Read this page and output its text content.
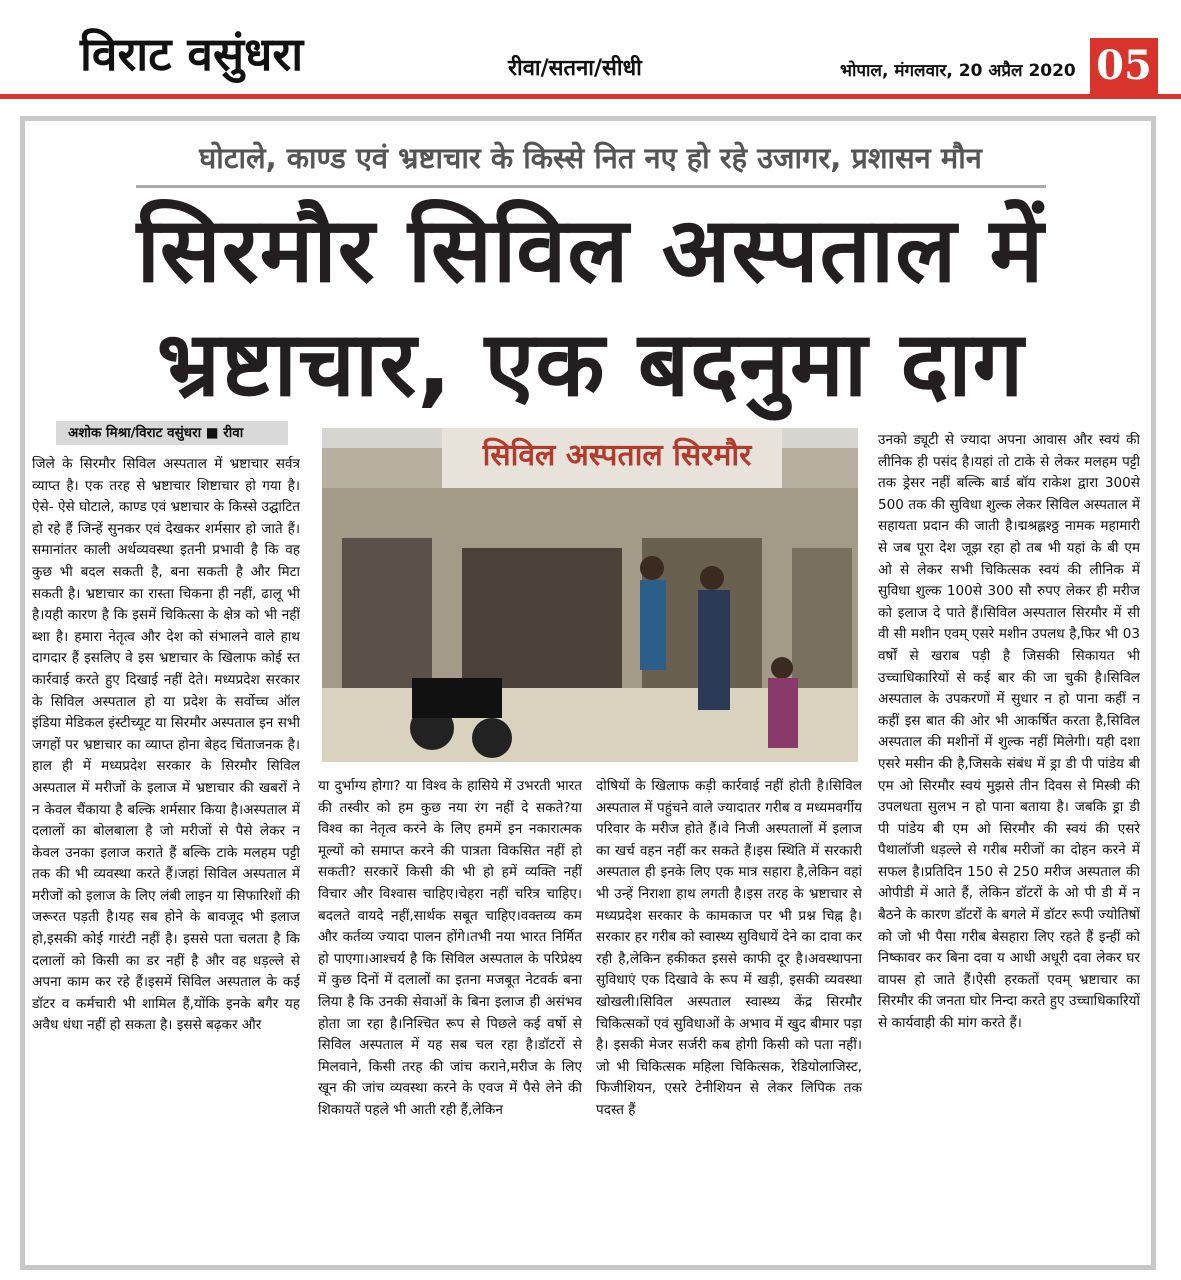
विराट वसुंधरा	रीवा/सतना/सीधी	भोपाल, मंगलवार, 20 अप्रैल 2020 05
घोटाले, काण्ड एवं भ्रष्टाचार के किस्से नित नए हो रहे उजागर, प्रशासन मौन
सिरमौर सिविल अस्पताल में
भ्रष्टाचार, एक बदनुमा दाग
अशोक मिश्रा/विराट वसुंधरा ■ रीवा
जिले के सिरमौर सिविल अस्पताल में भ्रष्टाचार सर्वत्र व्याप्त है। एक तरह से भ्रष्टाचार शिष्टाचार हो गया है। ऐसे- ऐसे घोटाले, काण्ड एवं भ्रष्टाचार के किस्से उद्घाटित हो रहे हैं जिन्हें सुनकर एवं देखकर शर्मसार हो जाते हैं। समानांतर काली अर्थव्यवस्था इतनी प्रभावी है कि वह कुछ भी बदल सकती है, बना सकती है और मिटा सकती है। भ्रष्टाचार का रास्ता चिकना ही नहीं, ढालू भी है।यही कारण है कि इसमें चिकित्सा के क्षेत्र को भी नहीं ब्शा है। हमारा नेतृत्व और देश को संभालने वाले हाथ दागदार हैं इसलिए वे इस भ्रष्टाचार के खिलाफ कोई स्त कार्रवाई करते हुए दिखाई नहीं देते। मध्यप्रदेश सरकार के सिविल अस्पताल हो या प्रदेश के सर्वोच्च ऑल इंडिया मेडिकल इंस्टीच्यूट या सिरमौर अस्पताल इन सभी जगहों पर भ्रष्टाचार का व्याप्त होना बेहद चिंताजनक है।हाल ही में मध्यप्रदेश सरकार के सिरमौर सिविल अस्पताल में मरीजों के इलाज में भ्रष्टाचार की खबरों ने न केवल चैंकाया है बल्कि शर्मसार किया है।अस्पताल में दलालों का बोलबाला है जो मरीजों से पैसे लेकर न केवल उनका इलाज कराते हैं बल्कि टाके मलहम पट्टी तक की भी व्यवस्था करते हैं।जहां सिविल अस्पताल में मरीजों को इलाज के लिए लंबी लाइन या सिफारिशों की जरूरत पड़ती है।यह सब होने के बावजूद भी इलाज हो,इसकी कोई गारंटी नहीं है। इससे पता चलता है कि दलालों को किसी का डर नहीं है और वह धड़ल्ले से अपना काम कर रहे हैं।इसमें सिविल अस्पताल के कई डॉटर व कर्मचारी भी शामिल हैं,योंकि इनके बगैर यह अवैध धंधा नहीं हो सकता है। इससे बढ़कर और
सिविल अस्पताल सिरमौर
या दुर्भाग्य होगा? या विश्व के हासिये में उभरती भारत की तस्वीर को हम कुछ नया रंग नहीं दे सकते?या विश्व का नेतृत्व करने के लिए हममें इन नकारात्मक मूल्यों को समाप्त करने की पात्रता विकसित नहीं हो सकती? सरकारें किसी की भी हो हमें व्यक्ति नहीं विचार और विश्वास चाहिए।चेहरा नहीं चरित्र चाहिए।बदलते वायदे नहीं,सार्थक सबूत चाहिए।वक्तव्य कम और कर्तव्य ज्यादा पालन होंगे।तभी नया भारत निर्मित हो पाएगा।आश्चर्य है कि सिविल अस्पताल के परिप्रेक्ष्य में कुछ दिनों में दलालों का इतना मजबूत नेटवर्क बना लिया है कि उनकी सेवाओं के बिना इलाज ही असंभव होता जा रहा है।निश्चित रूप से पिछले कई वर्षो से सिविल अस्पताल में यह सब चल रहा है।डॉटरों से मिलवाने, किसी तरह की जांच कराने,मरीज के लिए खून की जांच व्यवस्था करने के एवज में पैसे लेने की शिकायतें पहले भी आती रही हैं,लेकिन
दोषियों के खिलाफ कड़ी कार्रवाई नहीं होती है।सिविल अस्पताल में पहुंचने वाले ज्यादातर गरीब व मध्यमवर्गीय परिवार के मरीज होते हैं।वे निजी अस्पतालों में इलाज का खर्च वहन नहीं कर सकते हैं।इस स्थिति में सरकारी अस्पताल ही इनके लिए एक मात्र सहारा है,लेकिन वहां भी उन्हें निराशा हाथ लगती है।इस तरह के भ्रष्टाचार से मध्यप्रदेश सरकार के कामकाज पर भी प्रश्न चिह्न है।सरकार हर गरीब को स्वास्थ्य सुविधायें देने का दावा कर रही है,लेकिन हकीकत इससे काफी दूर है।अवस्थापना सुविधाएं एक दिखावे के रूप में खड़ी, इसकी व्यवस्था खोखली।सिविल अस्पताल स्वास्थ्य केंद्र सिरमौर चिकित्सकों एवं सुविधाओं के अभाव में खुद बीमार पड़ा है। इसकी मेजर सर्जरी कब होगी किसी को पता नहीं। जो भी चिकित्सक महिला चिकित्सक, रेडियोलाजिस्ट, फिजीशियन, एसरे टेनीशियन से लेकर लिपिक तक पदस्त हैं
उनको ड्यूटी से ज्यादा अपना आवास और स्वयं की लीनिक ही पसंद है।यहां तो टाके से लेकर मलहम पट्टी तक ड्रेसर नहीं बल्कि बार्ड बॉय राकेश द्वारा 300से 500 तक की सुविधा शुल्क लेकर सिविल अस्पताल में सहायता प्रदान की जाती है।द्मश्रह्लश्ठ्ठ नामक महामारी से जब पूरा देश जूझ रहा हो तब भी यहां के बी एम ओ से लेकर सभी चिकित्सक स्वयं की लीनिक में सुविधा शुल्क 100से 300 सौ रुपए लेकर ही मरीज को इलाज दे पाते हैं।सिविल अस्पताल सिरमौर में सी वी सी मशीन एवम् एसरे मशीन उपलध है,फिर भी 03 वर्षों से खराब पड़ी है जिसकी सिकायत भी उच्चाधिकारियों से कई बार की जा चुकी है।सिविल अस्पताल के उपकरणों में सुधार न हो पाना कहीं न कहीं इस बात की ओर भी आकर्षित करता है,सिविल अस्पताल की मशीनों में शुल्क नहीं मिलेगी। यही दशा एसरे मसीन की है,जिसके संबंध में ड्रा डी पी पांडेय बी एम ओ सिरमौर स्वयं मुझसे तीन दिवस से मिस्त्री की उपलधता सुलभ न हो पाना बताया है। जबकि ड्रा डी पी पांडेय बी एम ओ सिरमौर की स्वयं की एसरे पैथालॉजी धड़ल्ले से गरीब मरीजों का दोहन करने में सफल है।प्रतिदिन 150 से 250 मरीज अस्पताल की ओपीडी में आते हैं, लेकिन डॉटरों के ओ पी डी में न बैठने के कारण डॉटरों के बगले में डॉटर रूपी ज्योतिषों को जो भी पैसा गरीब बेसहारा लिए रहते हैं इन्हीं को निष्कावर कर बिना दवा य आधी अधूरी दवा लेकर घर वापस हो जाते हैं।ऐसी हरकतों एवम् भ्रष्टाचार का सिरमौर की जनता घोर निन्दा करते हुए उच्चाधिकारियों से कार्यवाही की मांग करते हैं।
